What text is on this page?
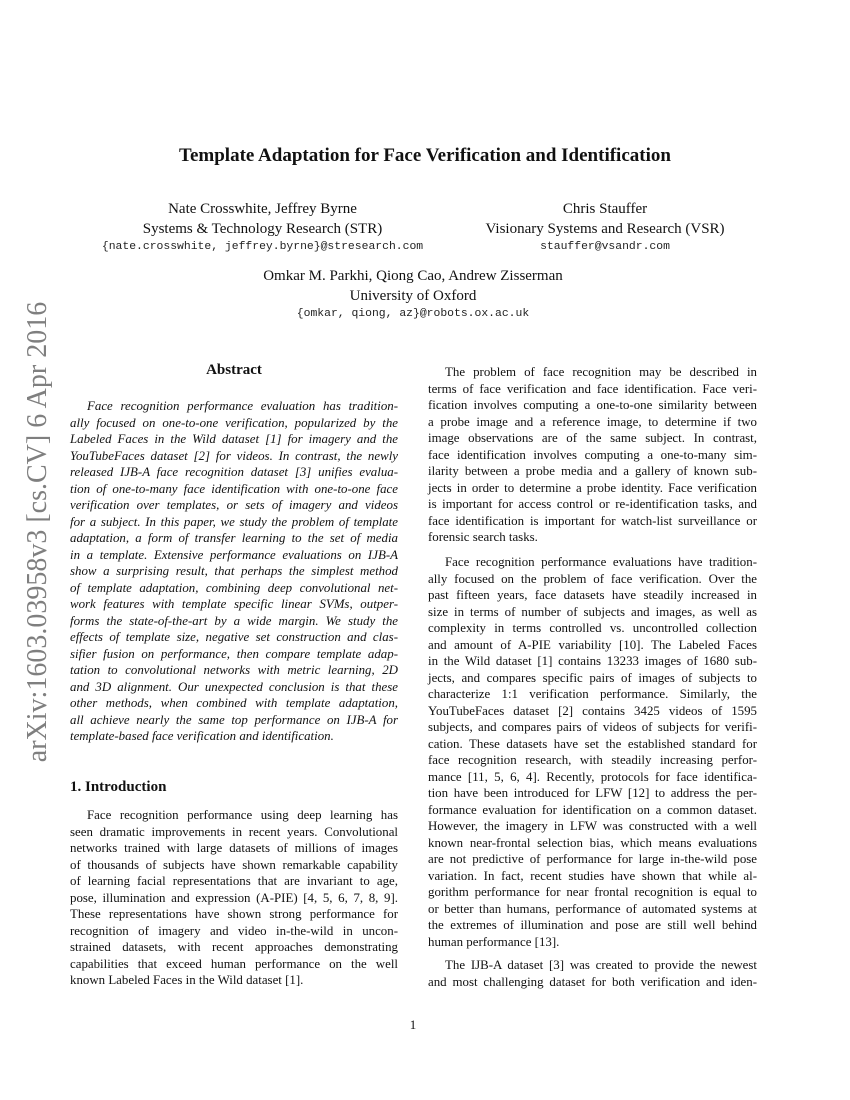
arXiv:1603.03958v3 [cs.CV] 6 Apr 2016
Template Adaptation for Face Verification and Identification
Nate Crosswhite, Jeffrey Byrne
Systems & Technology Research (STR)
{nate.crosswhite, jeffrey.byrne}@stresearch.com
Chris Stauffer
Visionary Systems and Research (VSR)
stauffer@vsandr.com
Omkar M. Parkhi, Qiong Cao, Andrew Zisserman
University of Oxford
{omkar, qiong, az}@robots.ox.ac.uk
Abstract
Face recognition performance evaluation has tradition-
ally focused on one-to-one verification, popularized by the
Labeled Faces in the Wild dataset [1] for imagery and the
YouTubeFaces dataset [2] for videos. In contrast, the newly
released IJB-A face recognition dataset [3] unifies evalua-
tion of one-to-many face identification with one-to-one face
verification over templates, or sets of imagery and videos
for a subject. In this paper, we study the problem of template
adaptation, a form of transfer learning to the set of media
in a template. Extensive performance evaluations on IJB-A
show a surprising result, that perhaps the simplest method
of template adaptation, combining deep convolutional net-
work features with template specific linear SVMs, outper-
forms the state-of-the-art by a wide margin. We study the
effects of template size, negative set construction and clas-
sifier fusion on performance, then compare template adap-
tation to convolutional networks with metric learning, 2D
and 3D alignment. Our unexpected conclusion is that these
other methods, when combined with template adaptation,
all achieve nearly the same top performance on IJB-A for
template-based face verification and identification.
1. Introduction
Face recognition performance using deep learning has
seen dramatic improvements in recent years. Convolutional
networks trained with large datasets of millions of images
of thousands of subjects have shown remarkable capability
of learning facial representations that are invariant to age,
pose, illumination and expression (A-PIE) [4, 5, 6, 7, 8, 9].
These representations have shown strong performance for
recognition of imagery and video in-the-wild in uncon-
strained datasets, with recent approaches demonstrating
capabilities that exceed human performance on the well
known Labeled Faces in the Wild dataset [1].
The problem of face recognition may be described in
terms of face verification and face identification. Face veri-
fication involves computing a one-to-one similarity between
a probe image and a reference image, to determine if two
image observations are of the same subject. In contrast,
face identification involves computing a one-to-many sim-
ilarity between a probe media and a gallery of known sub-
jects in order to determine a probe identity. Face verification
is important for access control or re-identification tasks, and
face identification is important for watch-list surveillance or
forensic search tasks.
Face recognition performance evaluations have tradition-
ally focused on the problem of face verification. Over the
past fifteen years, face datasets have steadily increased in
size in terms of number of subjects and images, as well as
complexity in terms controlled vs. uncontrolled collection
and amount of A-PIE variability [10]. The Labeled Faces
in the Wild dataset [1] contains 13233 images of 1680 sub-
jects, and compares specific pairs of images of subjects to
characterize 1:1 verification performance. Similarly, the
YouTubeFaces dataset [2] contains 3425 videos of 1595
subjects, and compares pairs of videos of subjects for verifi-
cation. These datasets have set the established standard for
face recognition research, with steadily increasing perfor-
mance [11, 5, 6, 4]. Recently, protocols for face identifica-
tion have been introduced for LFW [12] to address the per-
formance evaluation for identification on a common dataset.
However, the imagery in LFW was constructed with a well
known near-frontal selection bias, which means evaluations
are not predictive of performance for large in-the-wild pose
variation. In fact, recent studies have shown that while al-
gorithm performance for near frontal recognition is equal to
or better than humans, performance of automated systems at
the extremes of illumination and pose are still well behind
human performance [13].
The IJB-A dataset [3] was created to provide the newest
and most challenging dataset for both verification and iden-
1
